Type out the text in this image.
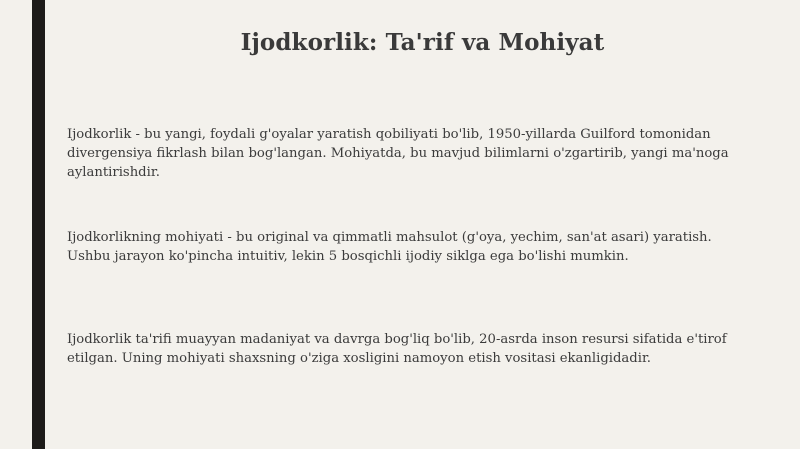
Ijodkorlik: Ta'rif va Mohiyat
Ijodkorlik - bu yangi, foydali g'oyalar yaratish qobiliyati bo'lib, 1950-yillarda Guilford tomonidan divergensiya fikrlash bilan bog'langan. Mohiyatda, bu mavjud bilimlarni o'zgartirib, yangi ma'noga aylantirishdir.
Ijodkorlikning mohiyati - bu original va qimmatli mahsulot (g'oya, yechim, san'at asari) yaratish. Ushbu jarayon ko'pincha intuitiv, lekin 5 bosqichli ijodiy siklga ega bo'lishi mumkin.
Ijodkorlik ta'rifi muayyan madaniyat va davrga bog'liq bo'lib, 20-asrda inson resursi sifatida e'tirof etilgan. Uning mohiyati shaxsning o'ziga xosligini namoyon etish vositasi ekanligidadir.
